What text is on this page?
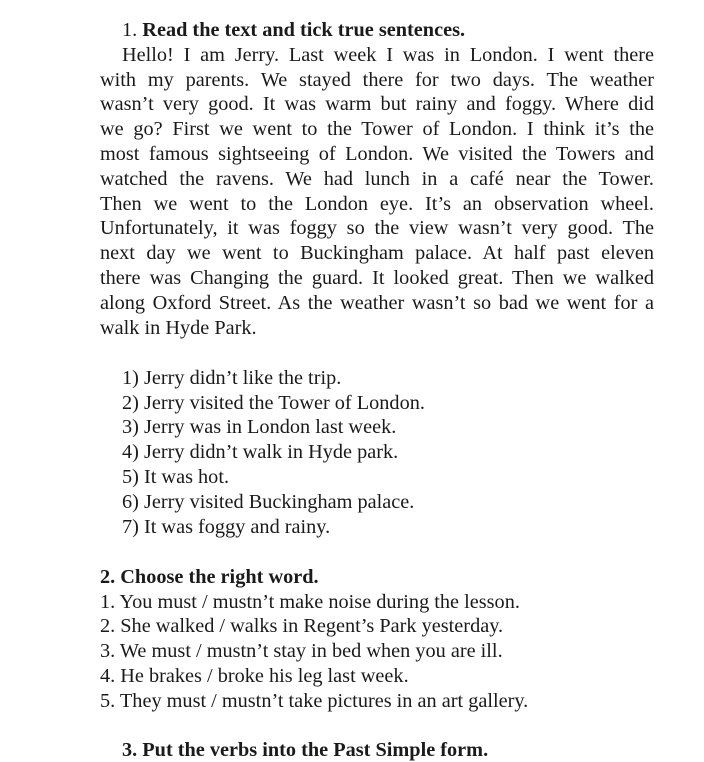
1. Read the text and tick true sentences.
Hello! I am Jerry. Last week I was in London. I went there
with my parents. We stayed there for two days. The weather
wasn’t very good. It was warm but rainy and foggy. Where did
we go? First we went to the Tower of London. I think it’s the
most famous sightseeing of London. We visited the Towers and
watched the ravens. We had lunch in a café near the Tower.
Then we went to the London eye. It’s an observation wheel.
Unfortunately, it was foggy so the view wasn’t very good. The
next day we went to Buckingham palace. At half past eleven
there was Changing the guard. It looked great. Then we walked
along Oxford Street. As the weather wasn’t so bad we went for a
walk in Hyde Park.
1) Jerry didn’t like the trip.
2) Jerry visited the Tower of London.
3) Jerry was in London last week.
4) Jerry didn’t walk in Hyde park.
5) It was hot.
6) Jerry visited Buckingham palace.
7) It was foggy and rainy.
2. Choose the right word.
1. You must / mustn’t make noise during the lesson.
2. She walked / walks in Regent’s Park yesterday.
3. We must / mustn’t stay in bed when you are ill.
4. He brakes / broke his leg last week.
5. They must / mustn’t take pictures in an art gallery.
3. Put the verbs into the Past Simple form.
